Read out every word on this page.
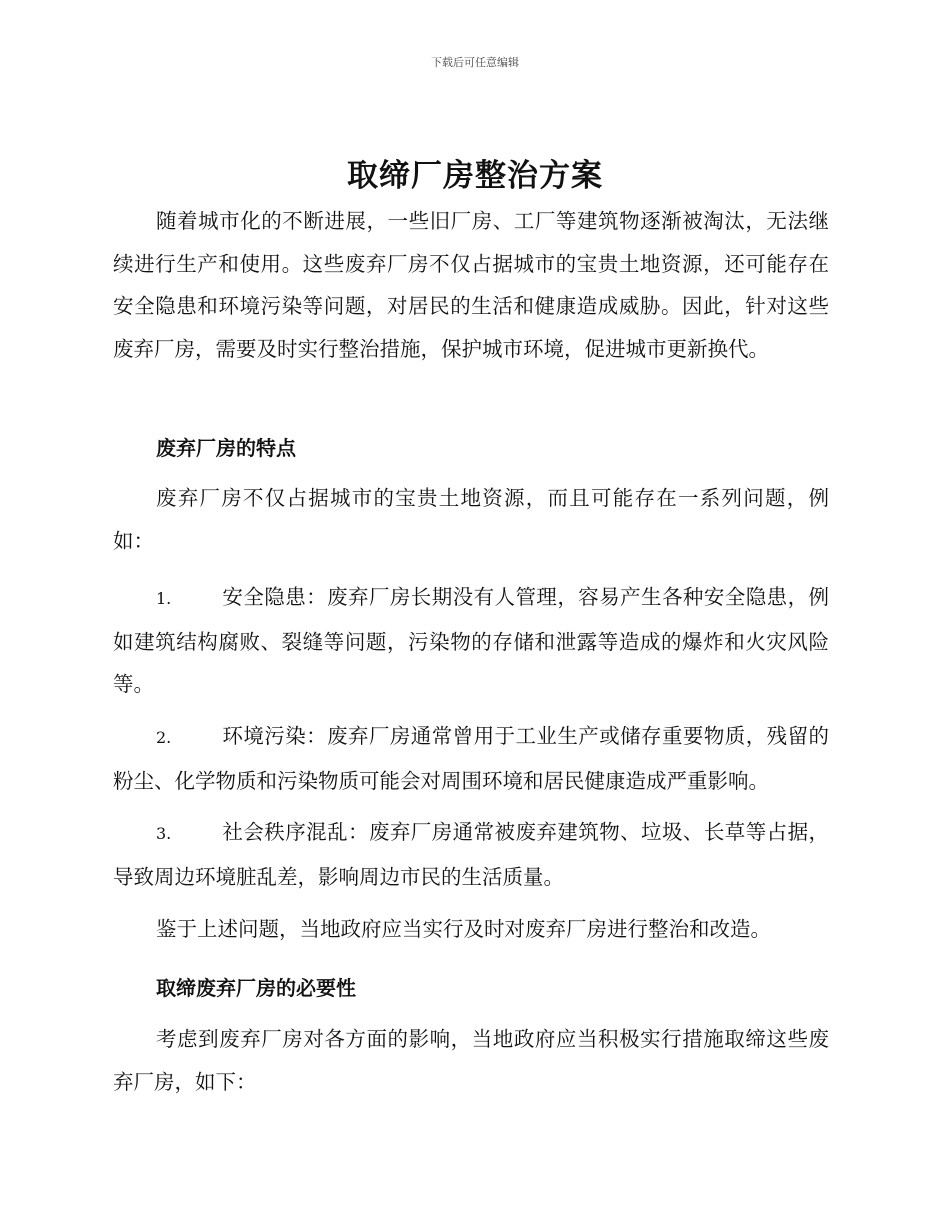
下载后可任意编辑
取缔厂房整治方案

随着城市化的不断进展，一些旧厂房、工厂等建筑物逐渐被淘汰，无法继续进行生产和使用。这些废弃厂房不仅占据城市的宝贵土地资源，还可能存在安全隐患和环境污染等问题，对居民的生活和健康造成威胁。因此，针对这些废弃厂房，需要及时实行整治措施，保护城市环境，促进城市更新换代。

废弃厂房的特点

废弃厂房不仅占据城市的宝贵土地资源，而且可能存在一系列问题，例如：

1. 安全隐患：废弃厂房长期没有人管理，容易产生各种安全隐患，例如建筑结构腐败、裂缝等问题，污染物的存储和泄露等造成的爆炸和火灾风险等。

2. 环境污染：废弃厂房通常曾用于工业生产或储存重要物质，残留的粉尘、化学物质和污染物质可能会对周围环境和居民健康造成严重影响。

3. 社会秩序混乱：废弃厂房通常被废弃建筑物、垃圾、长草等占据，导致周边环境脏乱差，影响周边市民的生活质量。

鉴于上述问题，当地政府应当实行及时对废弃厂房进行整治和改造。

取缔废弃厂房的必要性

考虑到废弃厂房对各方面的影响，当地政府应当积极实行措施取缔这些废弃厂房，如下：
